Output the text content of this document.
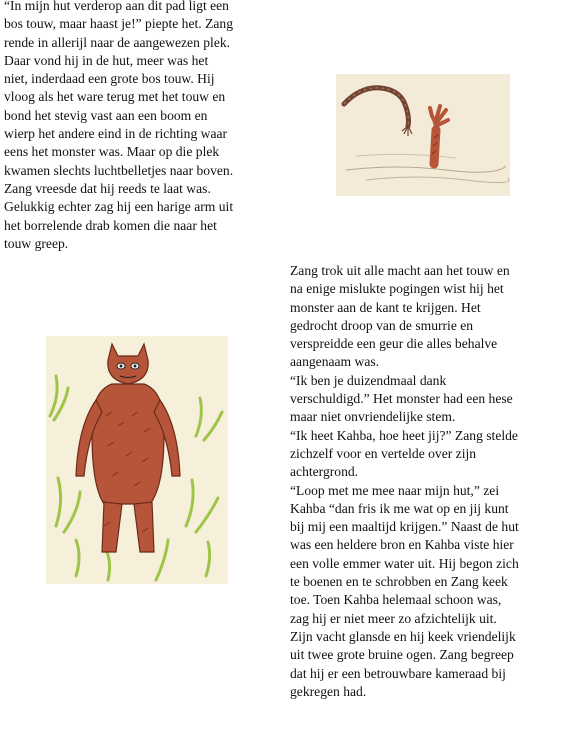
“In mijn hut verderop aan dit pad ligt een
bos touw, maar haast je!” piepte het. Zang
rende in allerijl naar de aangewezen plek.
Daar vond hij in de hut, meer was het
niet, inderdaad een grote bos touw. Hij
vloog als het ware terug met het touw en
bond het stevig vast aan een boom en
wierp het andere eind in de richting waar
eens het monster was. Maar op die plek
kwamen slechts luchtbelletjes naar boven.
Zang vreesde dat hij reeds te laat was.
Gelukkig echter zag hij een harige arm uit
het borrelende drab komen die naar het
touw greep.
Zang trok uit alle macht aan het touw en
na enige mislukte pogingen wist hij het
monster aan de kant te krijgen. Het
gedrocht droop van de smurrie en
verspreidde een geur die alles behalve
aangenaam was.
“Ik ben je duizendmaal dank
verschuldigd.” Het monster had een hese
maar niet onvriendelijke stem.
“Ik heet Kahba, hoe heet jij?” Zang stelde
zichzelf voor en vertelde over zijn
achtergrond.
“Loop met me mee naar mijn hut,” zei
Kahba “dan fris ik me wat op en jij kunt
bij mij een maaltijd krijgen.” Naast de hut
was een heldere bron en Kahba viste hier
een volle emmer water uit. Hij begon zich
te boenen en te schrobben en Zang keek
toe. Toen Kahba helemaal schoon was,
zag hij er niet meer zo afzichtelijk uit.
Zijn vacht glansde en hij keek vriendelijk
uit twee grote bruine ogen. Zang begreep
dat hij er een betrouwbare kameraad bij
gekregen had.
